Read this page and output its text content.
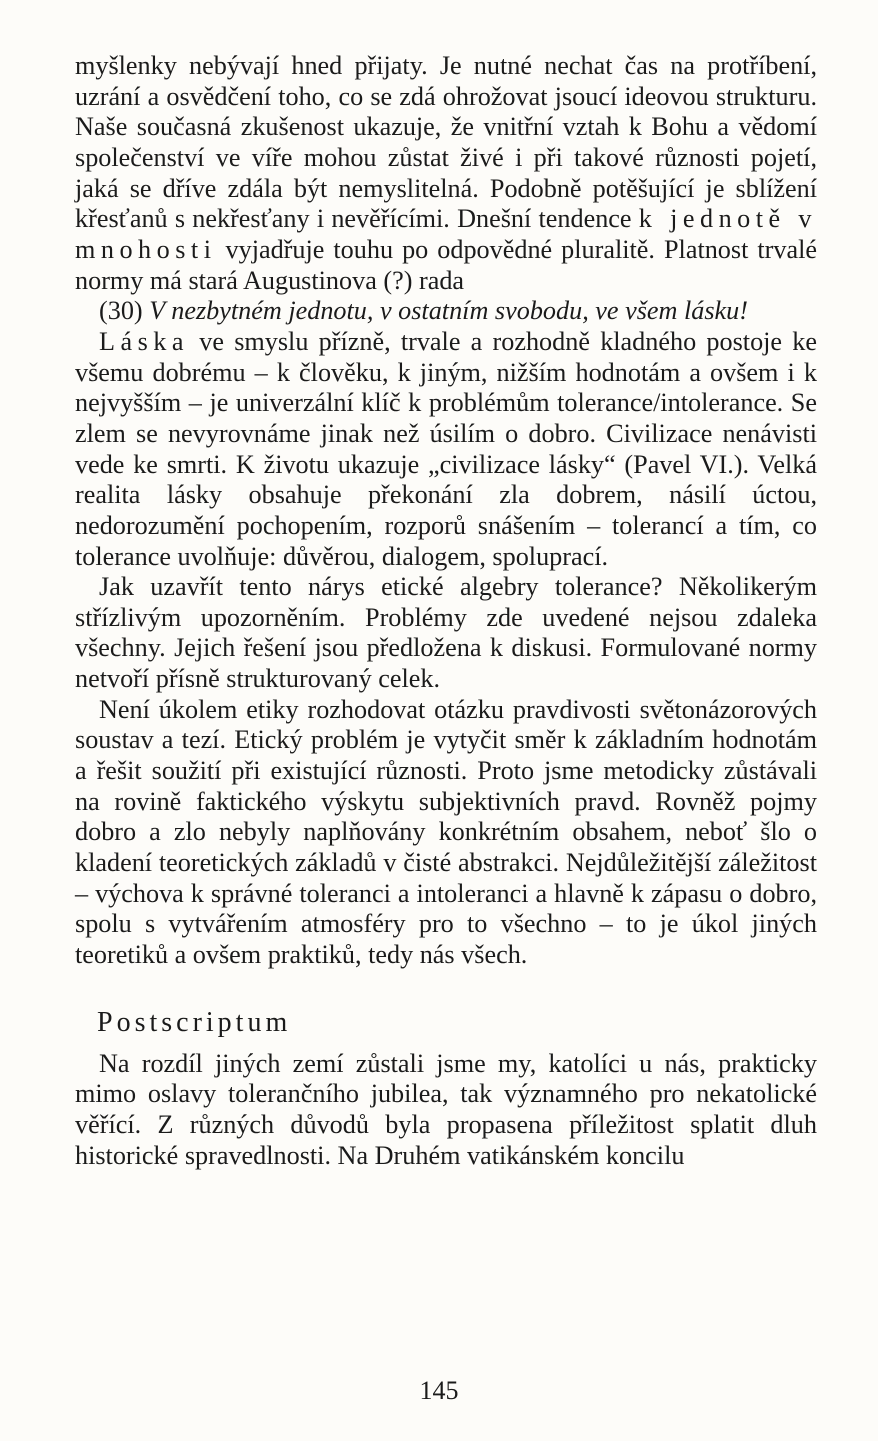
myšlenky nebývají hned přijaty. Je nutné nechat čas na protříbení, uzrání a osvědčení toho, co se zdá ohrožovat jsoucí ideovou strukturu. Naše současná zkušenost ukazuje, že vnitřní vztah k Bohu a vědomí společenství ve víře mohou zůstat živé i při takové různosti pojetí, jaká se dříve zdála být nemyslitelná. Podobně potěšující je sblížení křesťanů s nekřesťany i nevěřícími. Dnešní tendence k jednotě v mnohosti vyjadřuje touhu po odpovědné pluralitě. Platnost trvalé normy má stará Augustinova (?) rada

(30) V nezbytném jednotu, v ostatním svobodu, ve všem lásku!

Láska ve smyslu přízně, trvale a rozhodně kladného postoje ke všemu dobrému – k člověku, k jiným, nižším hodnotám a ovšem i k nejvyšším – je univerzální klíč k problémům tolerance/intolerance. Se zlem se nevyrovnáme jinak než úsilím o dobro. Civilizace nenávisti vede ke smrti. K životu ukazuje „civilizace lásky“ (Pavel VI.). Velká realita lásky obsahuje překonání zla dobrem, násilí úctou, nedorozumění pochopením, rozporů snášením – tolerancí a tím, co tolerance uvolňuje: důvěrou, dialogem, spoluprací.

Jak uzavřít tento nárys etické algebry tolerance? Několikerým střízlivým upozorněním. Problémy zde uvedené nejsou zdaleka všechny. Jejich řešení jsou předložena k diskusi. Formulované normy netvoří přísně strukturovaný celek.

Není úkolem etiky rozhodovat otázku pravdivosti světonázorových soustav a tezí. Etický problém je vytyčit směr k základním hodnotám a řešit soužití při existující různosti. Proto jsme metodicky zůstávali na rovině faktického výskytu subjektivních pravd. Rovněž pojmy dobro a zlo nebyly naplňovány konkrétním obsahem, neboť šlo o kladení teoretických základů v čisté abstrakci. Nejdůležitější záležitost – výchova k správné toleranci a intoleranci a hlavně k zápasu o dobro, spolu s vytvářením atmosféry pro to všechno – to je úkol jiných teoretiků a ovšem praktiků, tedy nás všech.

Postscriptum

Na rozdíl jiných zemí zůstali jsme my, katolíci u nás, prakticky mimo oslavy tolerančního jubilea, tak významného pro nekatolické věřící. Z různých důvodů byla propasena příležitost splatit dluh historické spravedlnosti. Na Druhém vatikánském koncilu

145
